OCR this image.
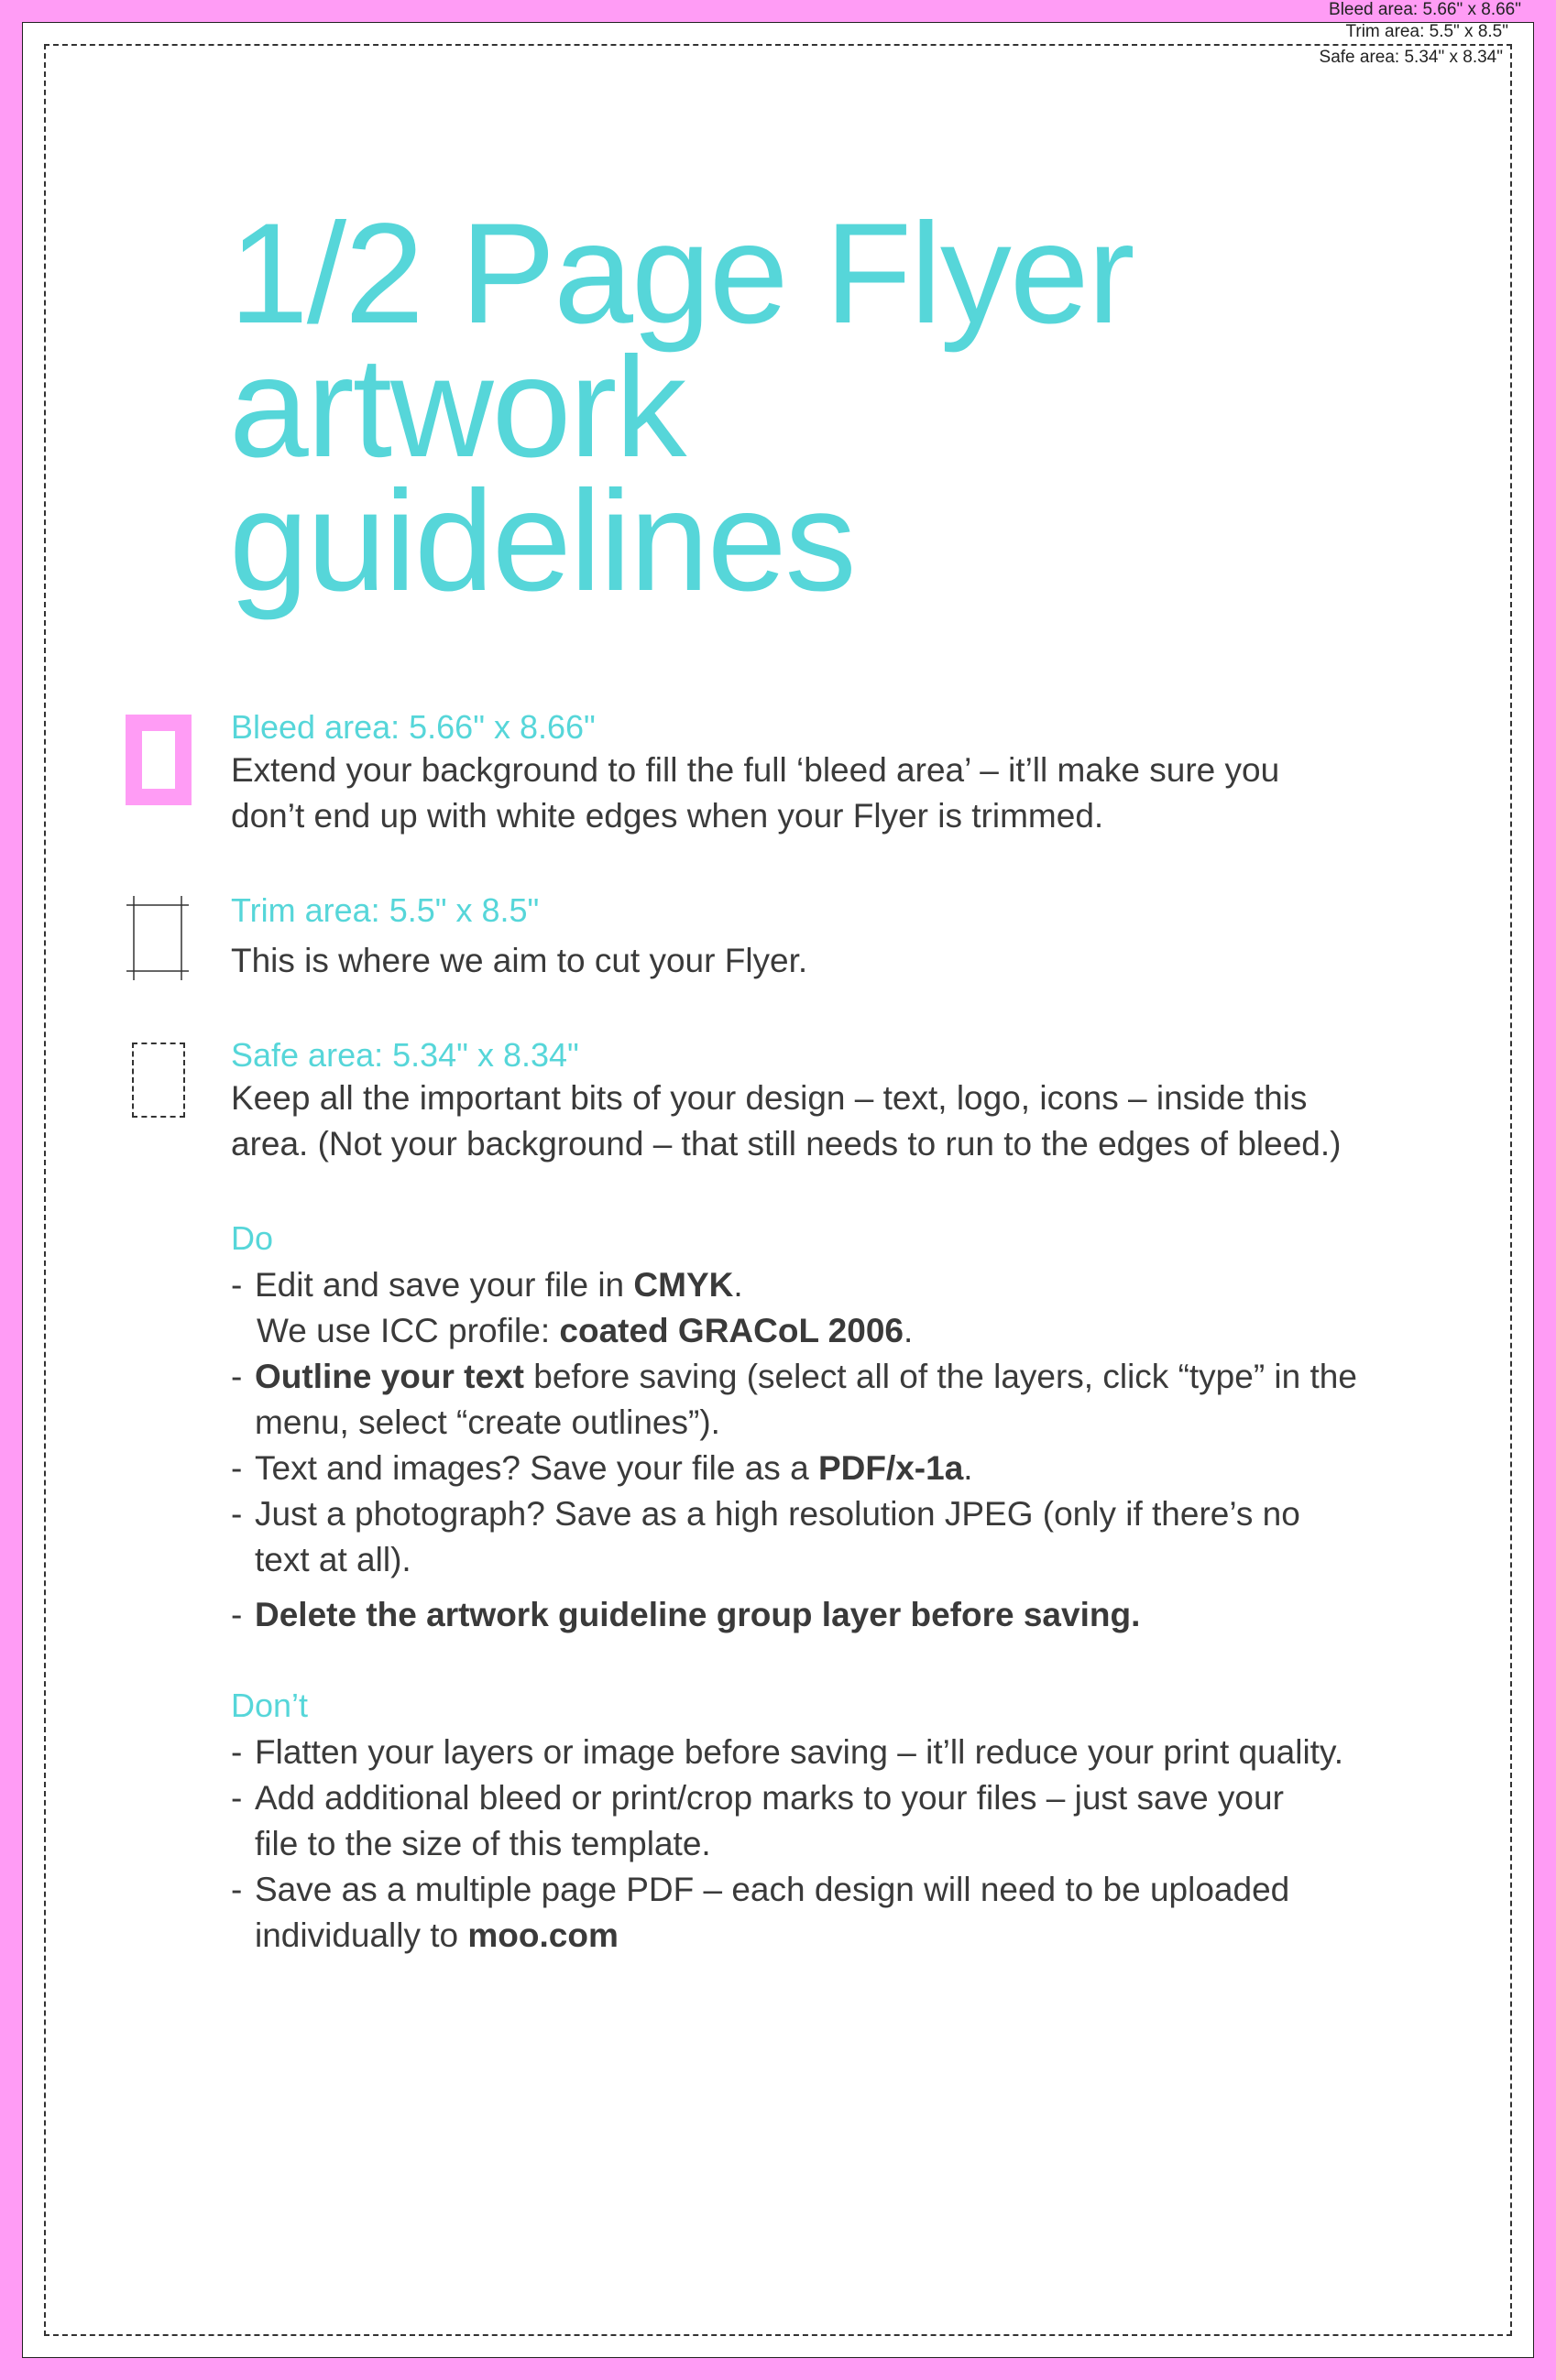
Bleed area: 5.66" x 8.66"
Trim area: 5.5" x 8.5"
Safe area: 5.34" x 8.34"
1/2 Page Flyer
artwork
guidelines
Bleed area: 5.66" x 8.66"
Extend your background to fill the full ‘bleed area’ – it’ll make sure you
don’t end up with white edges when your Flyer is trimmed.
Trim area: 5.5" x 8.5"
This is where we aim to cut your Flyer.
Safe area: 5.34" x 8.34"
Keep all the important bits of your design – text, logo, icons – inside this
area. (Not your background – that still needs to run to the edges of bleed.)
Do
- Edit and save your file in CMYK.
We use ICC profile: coated GRACoL 2006.
- Outline your text before saving (select all of the layers, click “type” in the
menu, select “create outlines”).
- Text and images? Save your file as a PDF/x-1a.
- Just a photograph? Save as a high resolution JPEG (only if there’s no
text at all).
- Delete the artwork guideline group layer before saving.
Don’t
- Flatten your layers or image before saving – it’ll reduce your print quality.
- Add additional bleed or print/crop marks to your files – just save your
file to the size of this template.
- Save as a multiple page PDF – each design will need to be uploaded
individually to moo.com
